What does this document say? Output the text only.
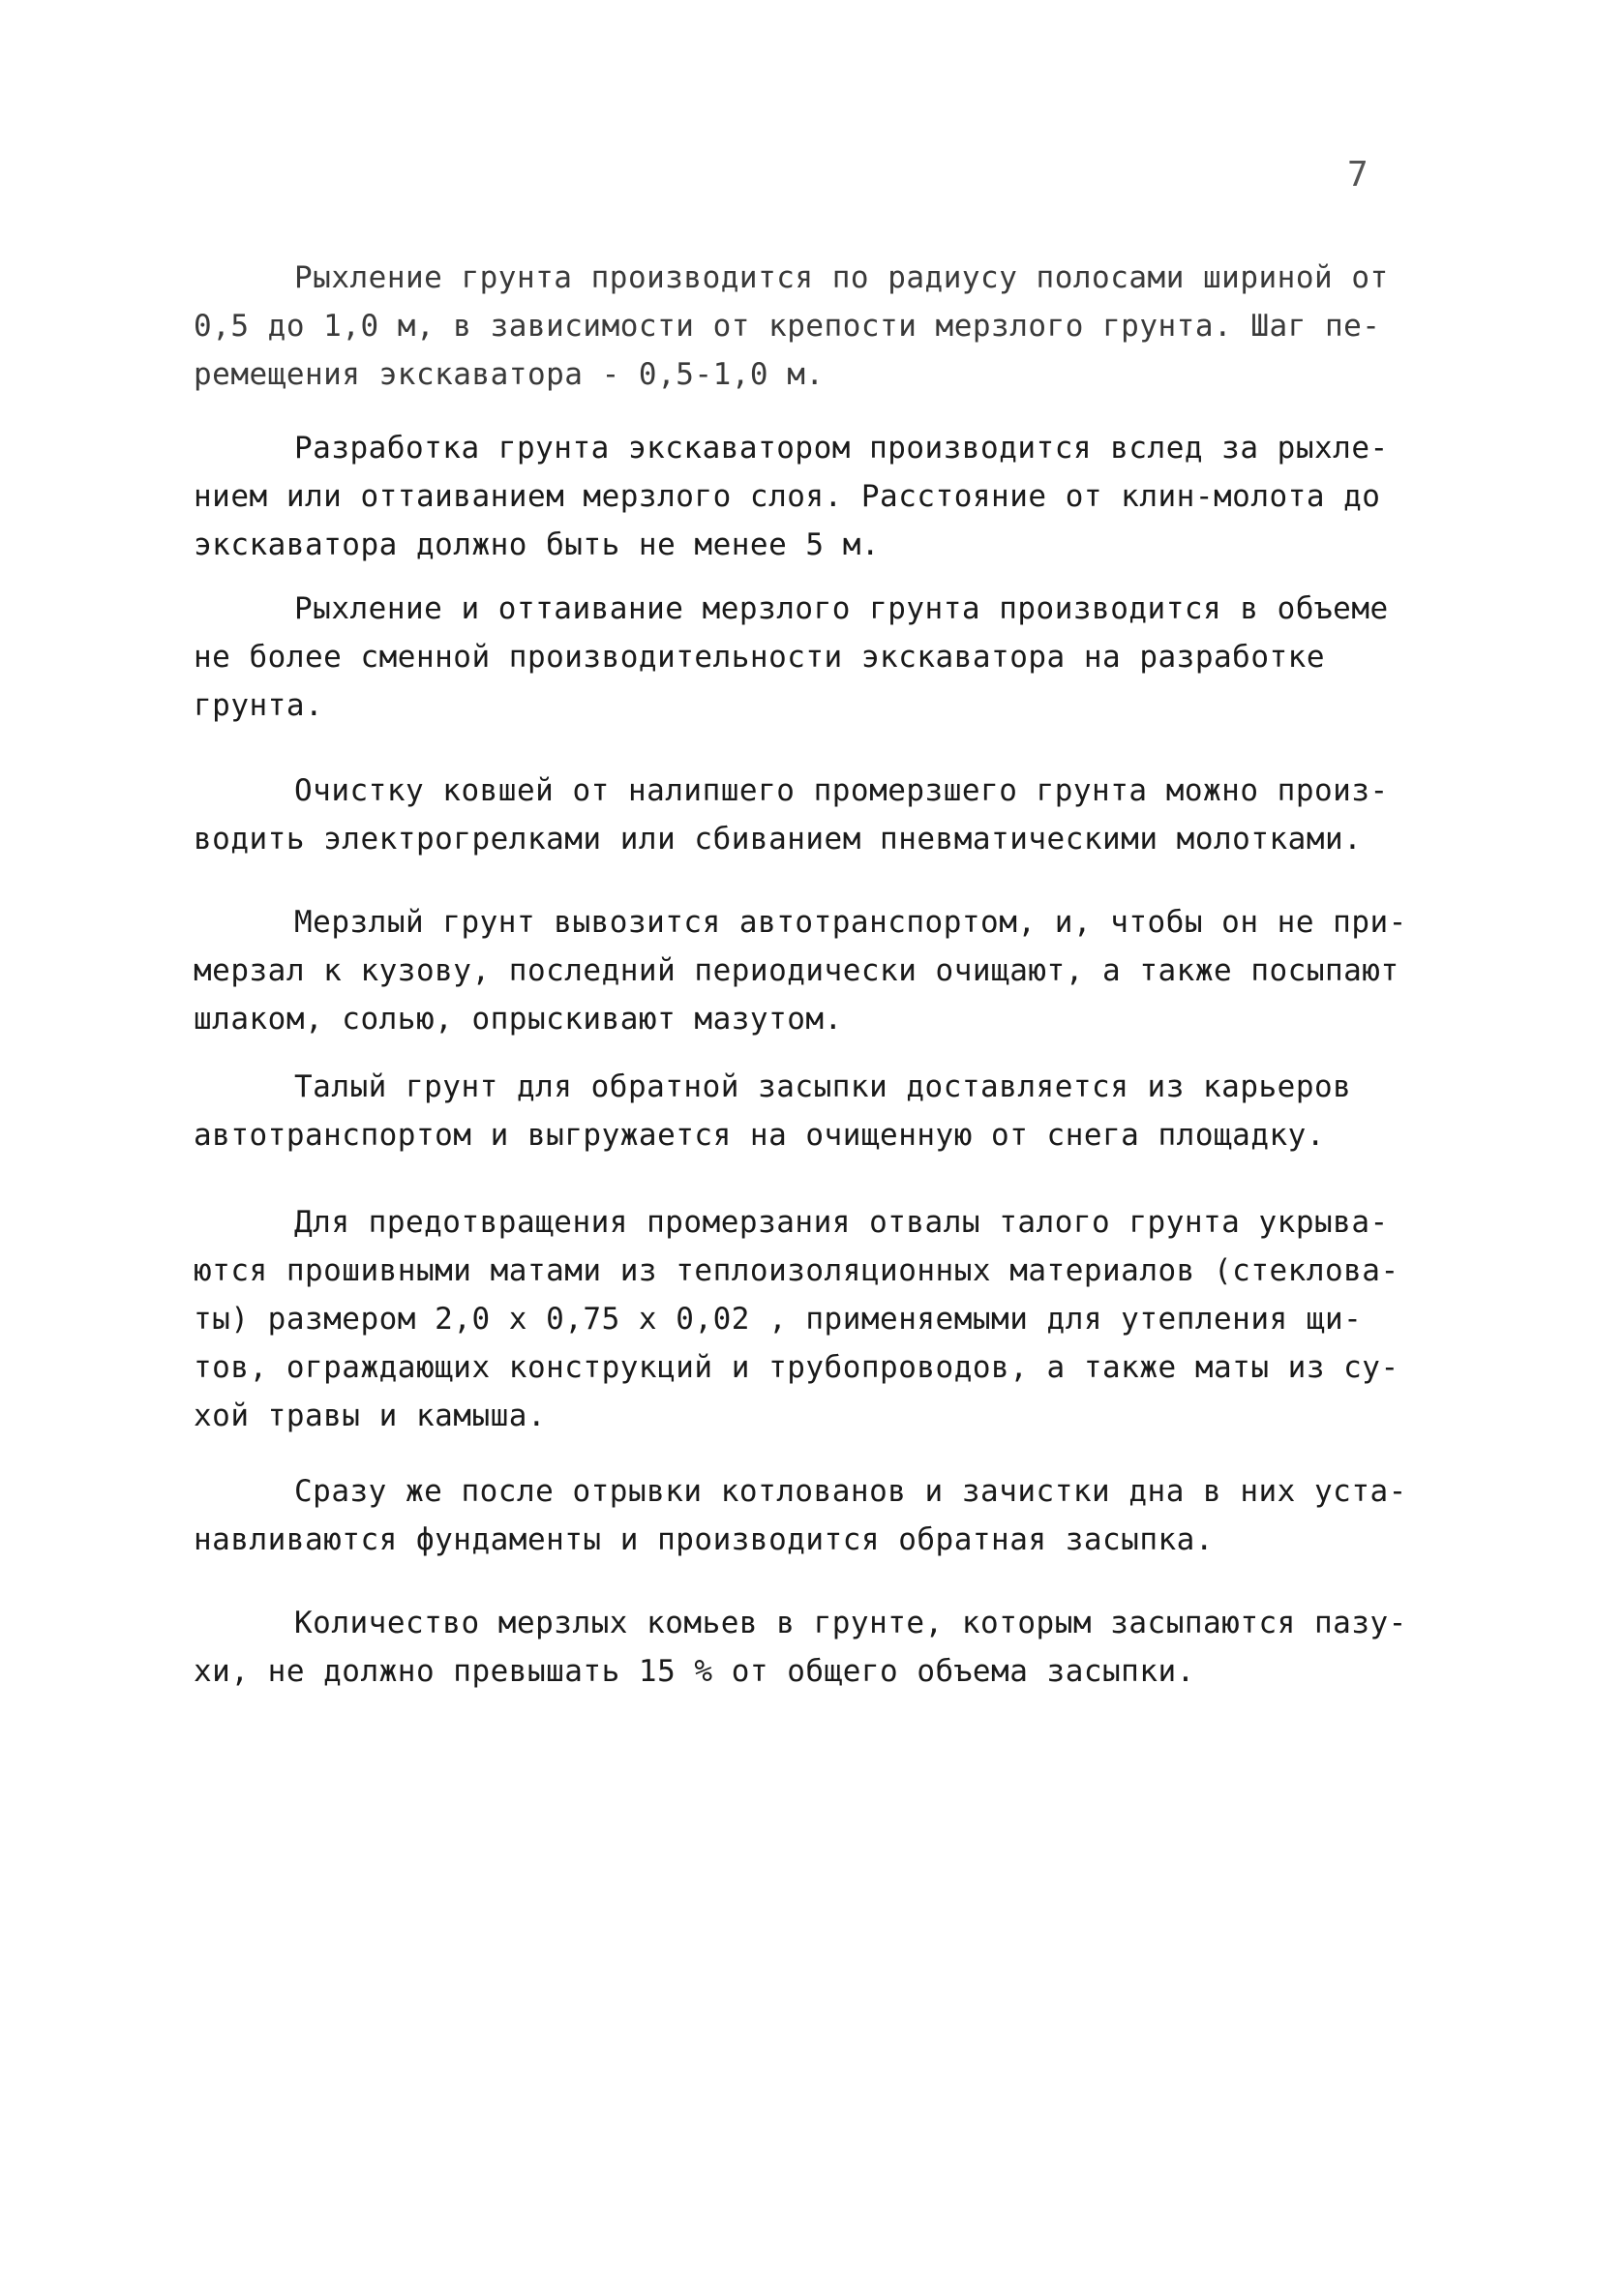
7
Рыхление грунта производится по радиусу полосами шириной от
0,5 до 1,0 м, в зависимости от крепости мерзлого грунта. Шаг пе-
ремещения экскаватора - 0,5-1,0 м.
Разработка грунта экскаватором производится вслед за рыхле-
нием или оттаиванием мерзлого слоя. Расстояние от клин-молота до
экскаватора должно быть не менее 5 м.
Рыхление и оттаивание мерзлого грунта производится в объеме
не более сменной производительности экскаватора на разработке
грунта.
Очистку ковшей от налипшего промерзшего грунта можно произ-
водить электрогрелками или сбиванием пневматическими молотками.
Мерзлый грунт вывозится автотранспортом, и, чтобы он не при-
мерзал к кузову, последний периодически очищают, а также посыпают
шлаком, солью, опрыскивают мазутом.
Талый грунт для обратной засыпки доставляется из карьеров
автотранспортом и выгружается на очищенную от снега площадку.
Для предотвращения промерзания отвалы талого грунта укрыва-
ются прошивными матами из теплоизоляционных материалов (стеклова-
ты) размером 2,0 x 0,75 x 0,02 , применяемыми для утепления щи-
тов, ограждающих конструкций и трубопроводов, а также маты из су-
хой травы и камыша.
Сразу же после отрывки котлованов и зачистки дна в них уста-
навливаются фундаменты и производится обратная засыпка.
Количество мерзлых комьев в грунте, которым засыпаются пазу-
хи, не должно превышать 15 % от общего объема засыпки.
